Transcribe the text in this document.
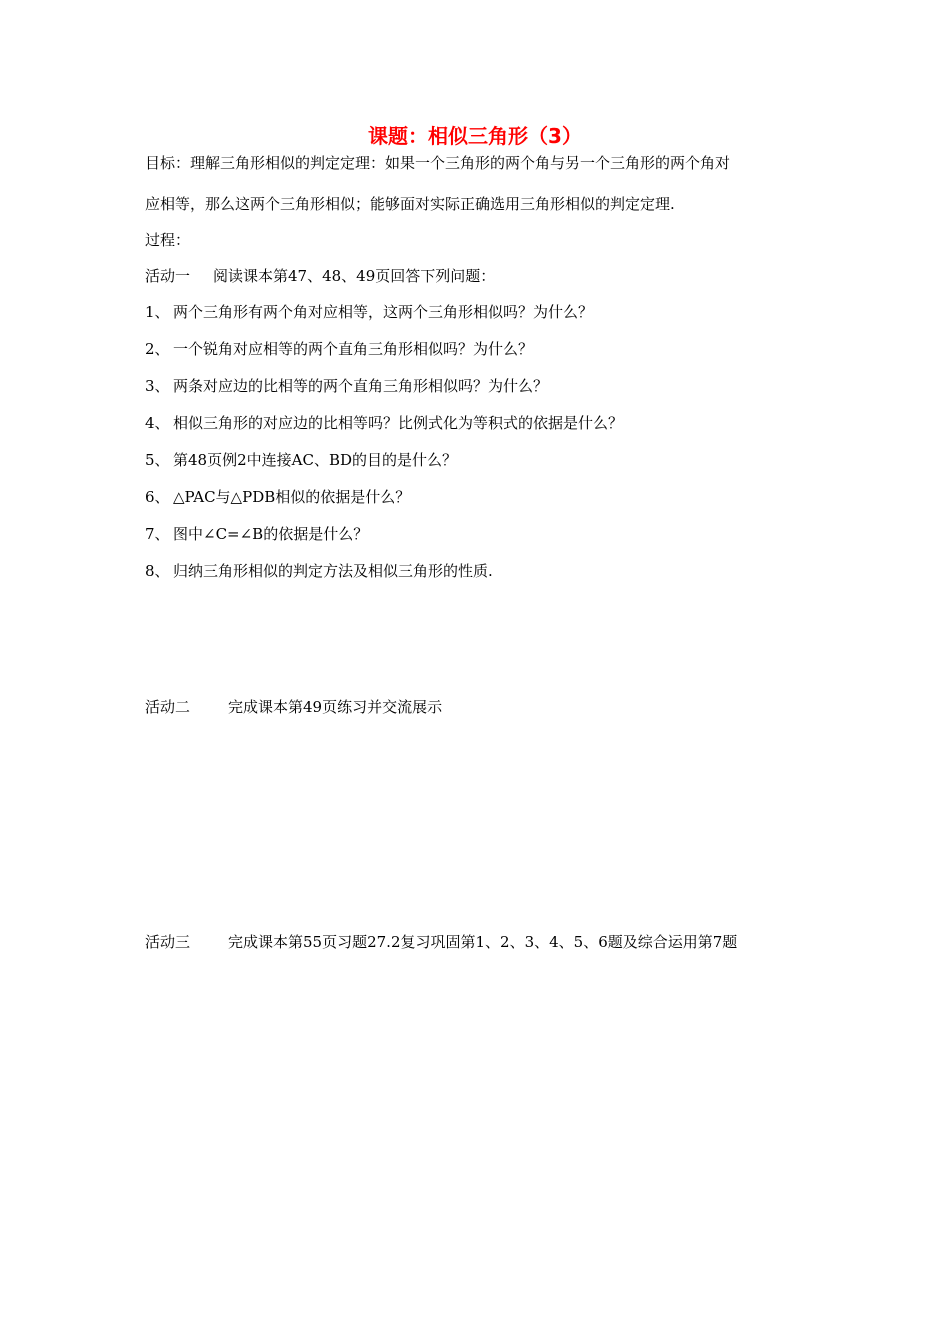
课题：相似三角形（3）
目标：理解三角形相似的判定定理：如果一个三角形的两个角与另一个三角形的两个角对
应相等，那么这两个三角形相似；能够面对实际正确选用三角形相似的判定定理.
过程：
活动一 阅读课本第47、48、49页回答下列问题：
1、 两个三角形有两个角对应相等，这两个三角形相似吗？为什么？
2、 一个锐角对应相等的两个直角三角形相似吗？为什么？
3、 两条对应边的比相等的两个直角三角形相似吗？为什么？
4、 相似三角形的对应边的比相等吗？比例式化为等积式的依据是什么？
5、 第48页例2中连接AC、BD的目的是什么？
6、 △PAC与△PDB相似的依据是什么？
7、 图中∠C=∠B的依据是什么？
8、 归纳三角形相似的判定方法及相似三角形的性质.
活动二	完成课本第49页练习并交流展示
活动三	完成课本第55页习题27.2复习巩固第1、2、3、4、5、6题及综合运用第7题
